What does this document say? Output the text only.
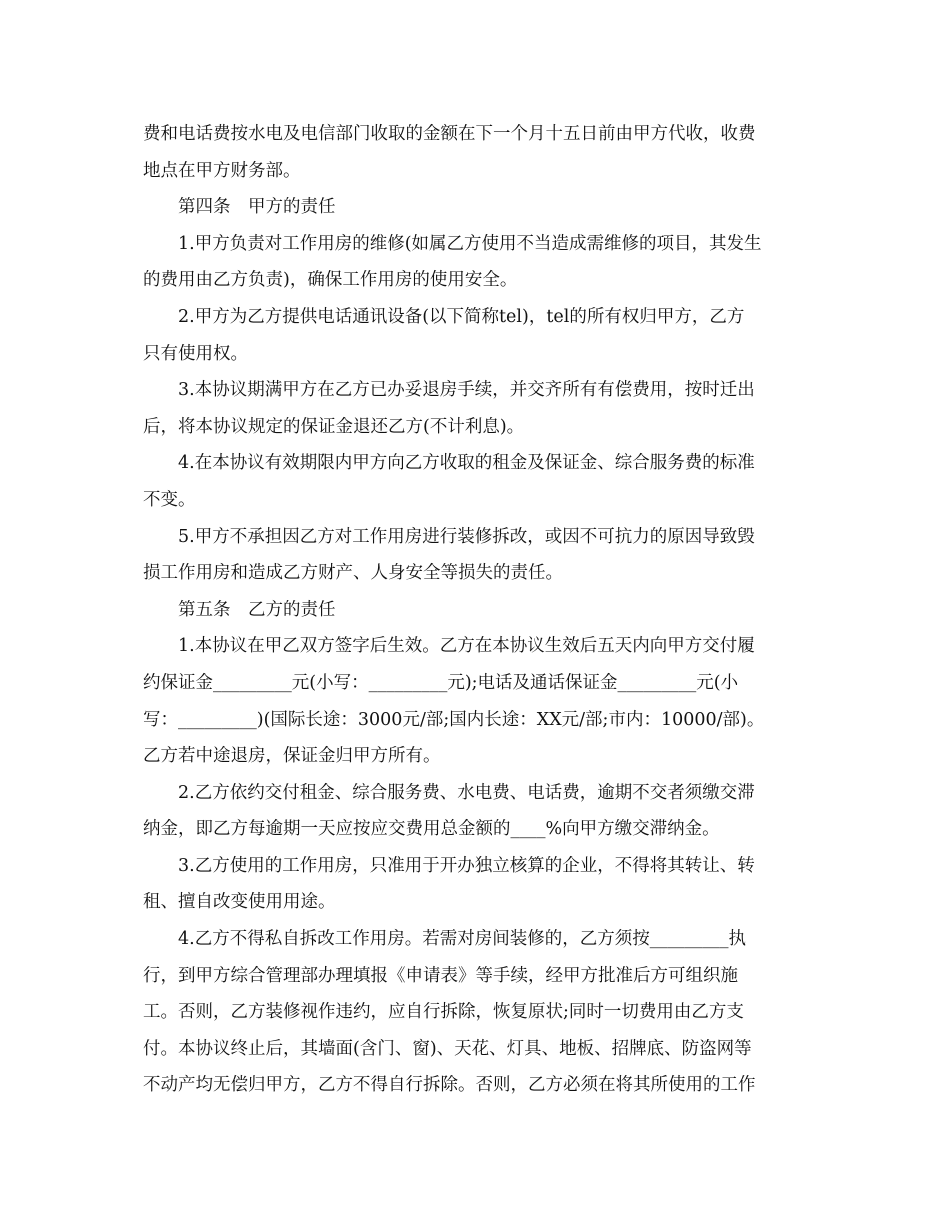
费和电话费按水电及电信部门收取的金额在下一个月十五日前由甲方代收，收费
地点在甲方财务部。
第四条　甲方的责任
1.甲方负责对工作用房的维修(如属乙方使用不当造成需维修的项目，其发生
的费用由乙方负责)，确保工作用房的使用安全。
2.甲方为乙方提供电话通讯设备(以下简称tel)，tel的所有权归甲方，乙方
只有使用权。
3.本协议期满甲方在乙方已办妥退房手续，并交齐所有有偿费用，按时迁出
后，将本协议规定的保证金退还乙方(不计利息)。
4.在本协议有效期限内甲方向乙方收取的租金及保证金、综合服务费的标准
不变。
5.甲方不承担因乙方对工作用房进行装修拆改，或因不可抗力的原因导致毁
损工作用房和造成乙方财产、人身安全等损失的责任。
第五条　乙方的责任
1.本协议在甲乙双方签字后生效。乙方在本协议生效后五天内向甲方交付履
约保证金_________元(小写：_________元);电话及通话保证金_________元(小
写：_________)(国际长途：3000元/部;国内长途：XX元/部;市内：10000/部)。
乙方若中途退房，保证金归甲方所有。
2.乙方依约交付租金、综合服务费、水电费、电话费，逾期不交者须缴交滞
纳金，即乙方每逾期一天应按应交费用总金额的____%向甲方缴交滞纳金。
3.乙方使用的工作用房，只准用于开办独立核算的企业，不得将其转让、转
租、擅自改变使用用途。
4.乙方不得私自拆改工作用房。若需对房间装修的，乙方须按_________执
行，到甲方综合管理部办理填报《申请表》等手续，经甲方批准后方可组织施
工。否则，乙方装修视作违约，应自行拆除，恢复原状;同时一切费用由乙方支
付。本协议终止后，其墙面(含门、窗)、天花、灯具、地板、招牌底、防盗网等
不动产均无偿归甲方，乙方不得自行拆除。否则，乙方必须在将其所使用的工作
